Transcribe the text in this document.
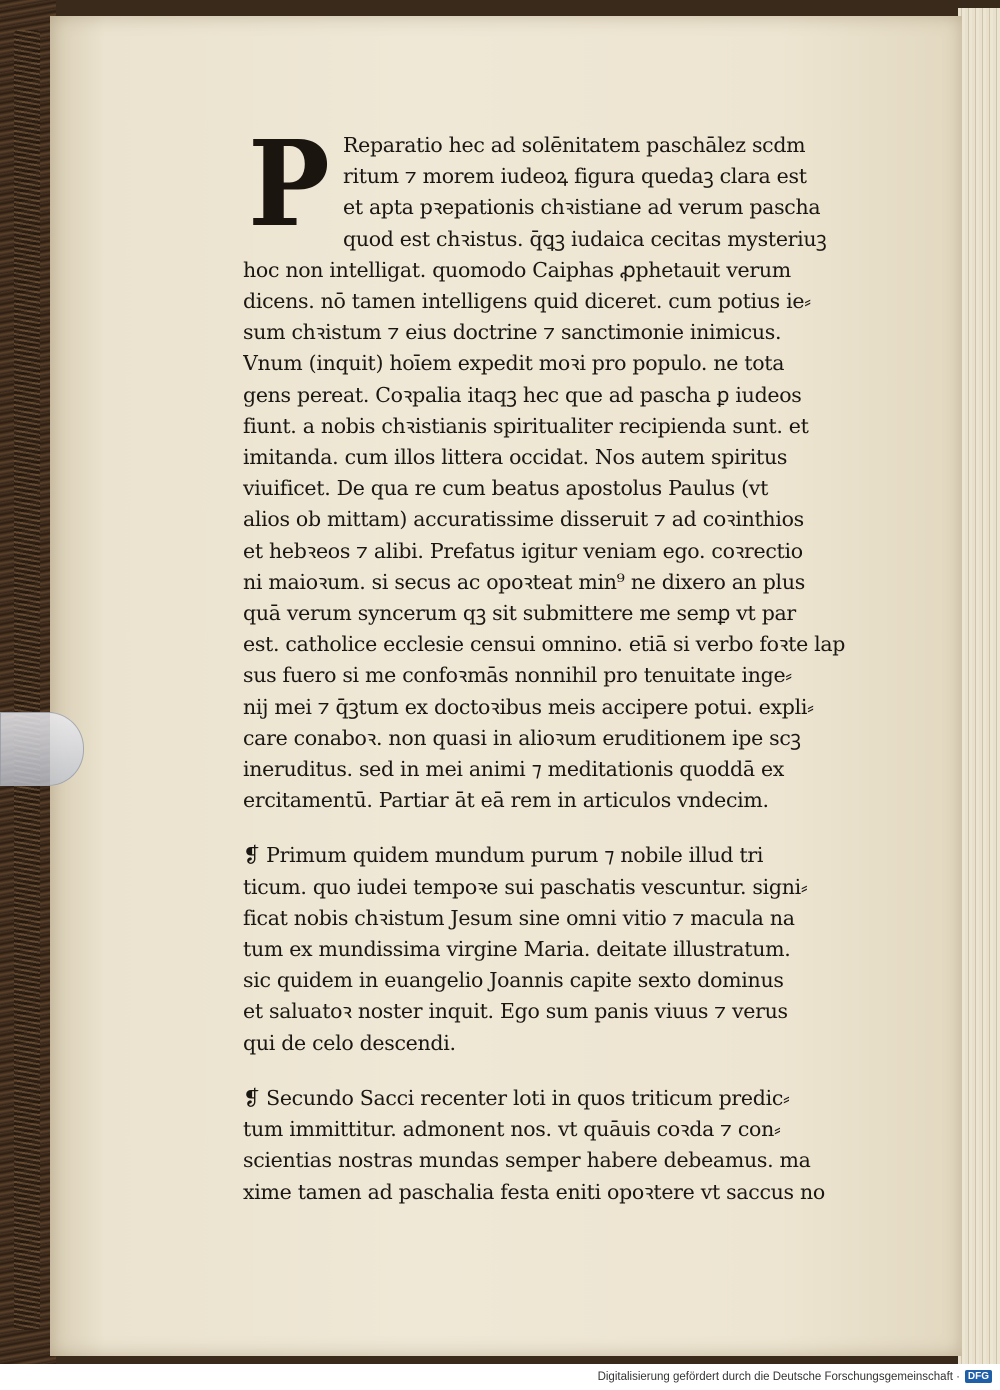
P Reparatio hec ad solēnitatem paschālez scdm
ritum ⁊ morem iudeoꝝ figura quedaꝫ clara est
et apta pꝛepationis chꝛistiane ad verum pascha
quod est chꝛistus. q̄ꝗꝫ iudaica cecitas mysteriuꝫ
hoc non intelligat. quomodo Caiphas ꝓphetauit verum
dicens. nō tamen intelligens quid diceret. cum potius ie⸗
sum chꝛistum ⁊ eius doctrine ⁊ sanctimonie inimicus.
Vnum (inquit) hoīem expedit moꝛi pro populo. ne tota
gens pereat. Coꝛpalia itaqꝫ hec que ad pascha ꝑ iudeos
fiunt. a nobis chꝛistianis spiritualiter recipienda sunt. et
imitanda. cum illos littera occidat. Nos autem spiritus
viuificet. De qua re cum beatus apostolus Paulus (vt
alios ob mittam) accuratissime disseruit ⁊ ad coꝛinthios
et hebꝛeos ⁊ alibi. Prefatus igitur veniam ego. coꝛrectio
ni maioꝛum. si secus ac opoꝛteat min⁹ ne dixero an plus
quā verum syncerum qꝫ sit submittere me semꝑ vt par
est. catholice ecclesie censui omnino. etiā si verbo foꝛte lap
sus fuero si me confoꝛmās nonnihil pro tenuitate inge⸗
nij mei ⁊ q̄ꝫtum ex doctoꝛibus meis accipere potui. expli⸗
care conaboꝛ. non quasi in alioꝛum eruditionem ipe scꝫ
ineruditus. sed in mei animi ⁊ meditationis quoddā ex
ercitamentū. Partiar āt eā rem in articulos vndecim.
❡ Primum quidem mundum purum ⁊ nobile illud tri
ticum. quo iudei tempoꝛe sui paschatis vescuntur. signi⸗
ficat nobis chꝛistum Jesum sine omni vitio ⁊ macula na
tum ex mundissima virgine Maria. deitate illustratum.
sic quidem in euangelio Joannis capite sexto dominus
et saluatoꝛ noster inquit. Ego sum panis viuus ⁊ verus
qui de celo descendi.
❡ Secundo Sacci recenter loti in quos triticum predic⸗
tum immittitur. admonent nos. vt quāuis coꝛda ⁊ con⸗
scientias nostras mundas semper habere debeamus. ma
xime tamen ad paschalia festa eniti opoꝛtere vt saccus no
Digitalisierung gefördert durch die Deutsche Forschungsgemeinschaft · DFG
